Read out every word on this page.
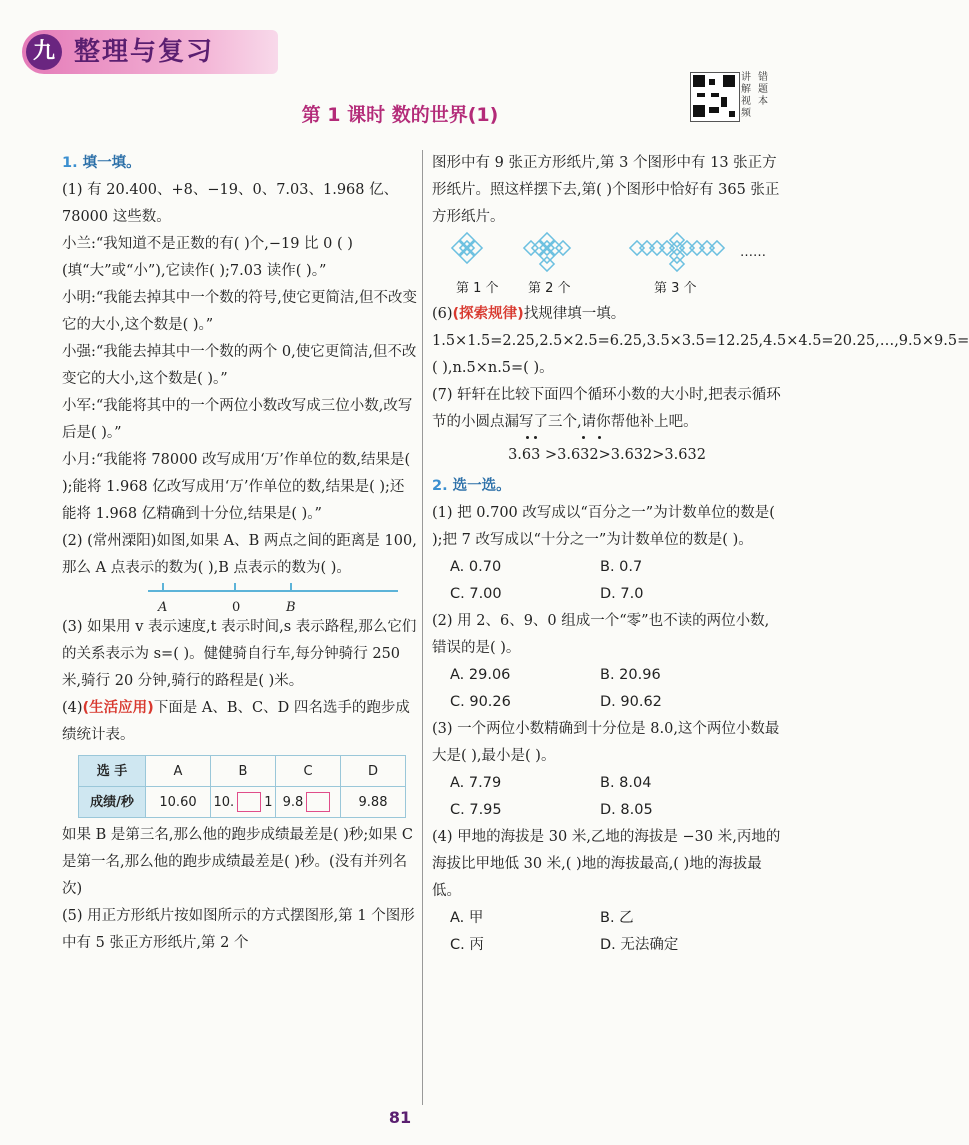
九 整理与复习
讲解视频
错题本
第 1 课时 数的世界(1)

1. 填一填。

(1) 有 20.400、+8、−19、0、7.03、1.968 亿、78000 这些数。

小兰:“我知道不是正数的有( )个,−19 比 0 ( )(填“大”或“小”),它读作( );7.03 读作( )。”

小明:“我能去掉其中一个数的符号,使它更简洁,但不改变它的大小,这个数是( )。”

小强:“我能去掉其中一个数的两个 0,使它更简洁,但不改变它的大小,这个数是( )。”

小军:“我能将其中的一个两位小数改写成三位小数,改写后是( )。”

小月:“我能将 78000 改写成用‘万’作单位的数,结果是( );能将 1.968 亿改写成用‘万’作单位的数,结果是( );还能将 1.968 亿精确到十分位,结果是( )。”

(2) (常州溧阳)如图,如果 A、B 两点之间的距离是 100,那么 A 点表示的数为( ),B 点表示的数为( )。

A	0	B

(3) 如果用 v 表示速度,t 表示时间,s 表示路程,那么它们的关系表示为 s=( )。健健骑自行车,每分钟骑行 250 米,骑行 20 分钟,骑行的路程是( )米。

(4)(生活应用)下面是 A、B、C、D 四名选手的跑步成绩统计表。

选 手	A	B	C	D
成绩/秒	10.60	10. 1	9.8	9.88

如果 B 是第三名,那么他的跑步成绩最差是( )秒;如果 C 是第一名,那么他的跑步成绩最差是( )秒。(没有并列名次)

(5) 用正方形纸片按如图所示的方式摆图形,第 1 个图形中有 5 张正方形纸片,第 2 个

图形中有 9 张正方形纸片,第 3 个图形中有 13 张正方形纸片。照这样摆下去,第( )个图形中恰好有 365 张正方形纸片。

第 1 个 第 2 个	第 3 个
……

(6)(探索规律)找规律填一填。

1.5×1.5=2.25,2.5×2.5=6.25,3.5×3.5=12.25,4.5×4.5=20.25,…,9.5×9.5=( ),n.5×n.5=( )。

(7) 轩轩在比较下面四个循环小数的大小时,把表示循环节的小圆点漏写了三个,请你帮他补上吧。

3.63 >3.632>3.632>3.632

2. 选一选。

(1) 把 0.700 改写成以“百分之一”为计数单位的数是( );把 7 改写成以“十分之一”为计数单位的数是( )。

A. 0.70	B. 0.7
C. 7.00	D. 7.0

(2) 用 2、6、9、0 组成一个“零”也不读的两位小数,错误的是( )。

A. 29.06	B. 20.96
C. 90.26	D. 90.62

(3) 一个两位小数精确到十分位是 8.0,这个两位小数最大是( ),最小是( )。

A. 7.79	B. 8.04
C. 7.95	D. 8.05

(4) 甲地的海拔是 30 米,乙地的海拔是 −30 米,丙地的海拔比甲地低 30 米,( )地的海拔最高,( )地的海拔最低。

A. 甲	B. 乙
C. 丙	D. 无法确定
81
